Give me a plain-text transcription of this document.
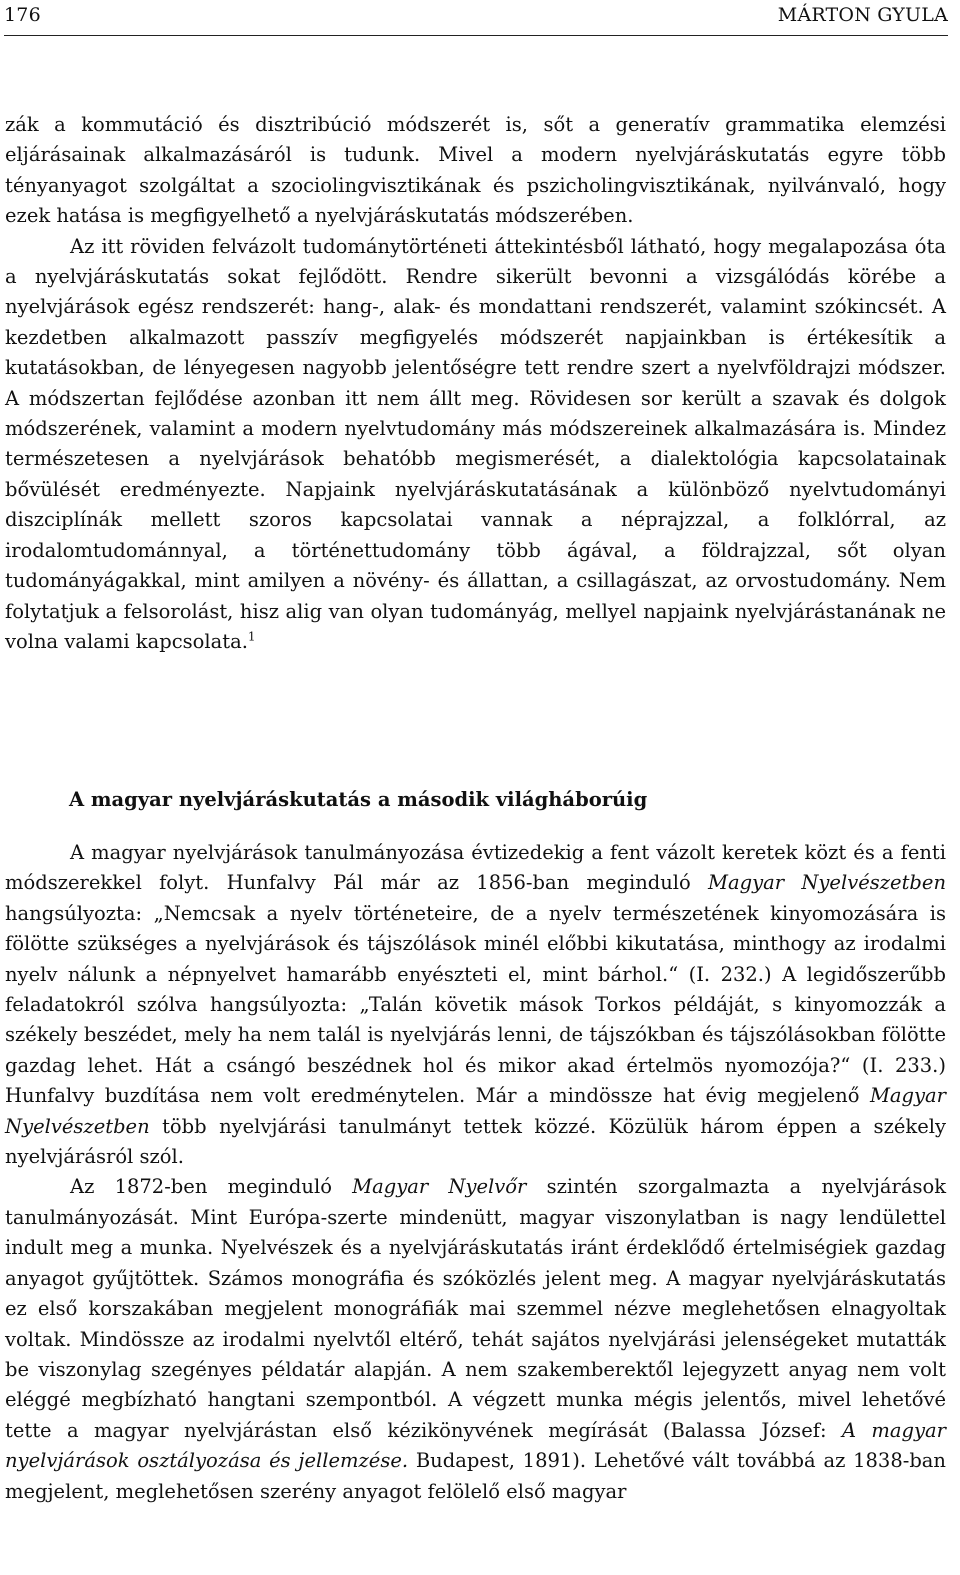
176	MÁRTON GYULA

zák a kommutáció és disztribúció módszerét is, sőt a generatív grammatika elemzési eljárásainak alkalmazásáról is tudunk. Mivel a modern nyelvjáráskutatás egyre több tényanyagot szolgáltat a szociolingvisztikának és pszicholingvisztikának, nyilvánvaló, hogy ezek hatása is megfigyelhető a nyelvjáráskutatás módszerében.

Az itt röviden felvázolt tudománytörténeti áttekintésből látható, hogy megalapozása óta a nyelvjáráskutatás sokat fejlődött. Rendre sikerült bevonni a vizsgálódás körébe a nyelvjárások egész rendszerét: hang-, alak- és mondattani rendszerét, valamint szókincsét. A kezdetben alkalmazott passzív megfigyelés módszerét napjainkban is értékesítik a kutatásokban, de lényegesen nagyobb jelentőségre tett rendre szert a nyelvföldrajzi módszer. A módszertan fejlődése azonban itt nem állt meg. Rövidesen sor került a szavak és dolgok módszerének, valamint a modern nyelvtudomány más módszereinek alkalmazására is. Mindez természetesen a nyelvjárások behatóbb megismerését, a dialektológia kapcsolatainak bővülését eredményezte. Napjaink nyelvjáráskutatásának a különböző nyelvtudományi diszciplínák mellett szoros kapcsolatai vannak a néprajzzal, a folklórral, az irodalomtudománnyal, a történettudomány több ágával, a földrajzzal, sőt olyan tudományágakkal, mint amilyen a növény- és állattan, a csillagászat, az orvostudomány. Nem folytatjuk a felsorolást, hisz alig van olyan tudományág, mellyel napjaink nyelvjárástanának ne volna valami kapcsolata.$^1$

A magyar nyelvjáráskutatás a második világháborúig

A magyar nyelvjárások tanulmányozása évtizedekig a fent vázolt keretek közt és a fenti módszerekkel folyt. Hunfalvy Pál már az 1856-ban meginduló Magyar Nyelvészetben hangsúlyozta: „Nemcsak a nyelv történeteire, de a nyelv természetének kinyomozására is fölötte szükséges a nyelvjárások és tájszólások minél előbbi kikutatása, minthogy az irodalmi nyelv nálunk a népnyelvet hamarább enyészteti el, mint bárhol.“ (I. 232.) A legidőszerűbb feladatokról szólva hangsúlyozta: „Talán követik mások Torkos példáját, s kinyomozzák a székely beszédet, mely ha nem talál is nyelvjárás lenni, de tájszókban és tájszólásokban fölötte gazdag lehet. Hát a csángó beszédnek hol és mikor akad értelmös nyomozója?“ (I. 233.) Hunfalvy buzdítása nem volt eredménytelen. Már a mindössze hat évig megjelenő Magyar Nyelvészetben több nyelvjárási tanulmányt tettek közzé. Közülük három éppen a székely nyelvjárásról szól.

Az 1872-ben meginduló Magyar Nyelvőr szintén szorgalmazta a nyelvjárások tanulmányozását. Mint Európa-szerte mindenütt, magyar viszonylatban is nagy lendülettel indult meg a munka. Nyelvészek és a nyelvjáráskutatás iránt érdeklődő értelmiségiek gazdag anyagot gyűjtöttek. Számos monográfia és szóközlés jelent meg. A magyar nyelvjáráskutatás ez első korszakában megjelent monográfiák mai szemmel nézve meglehetősen elnagyoltak voltak. Mindössze az irodalmi nyelvtől eltérő, tehát sajátos nyelvjárási jelenségeket mutatták be viszonylag szegényes példatár alapján. A nem szakemberektől lejegyzett anyag nem volt eléggé megbízható hangtani szempontból. A végzett munka mégis jelentős, mivel lehetővé tette a magyar nyelvjárástan első kézikönyvének megírását (Balassa József: A magyar nyelvjárások osztályozása és jellemzése. Budapest, 1891). Lehetővé vált továbbá az 1838-ban megjelent, meglehetősen szerény anyagot felölelő első magyar
